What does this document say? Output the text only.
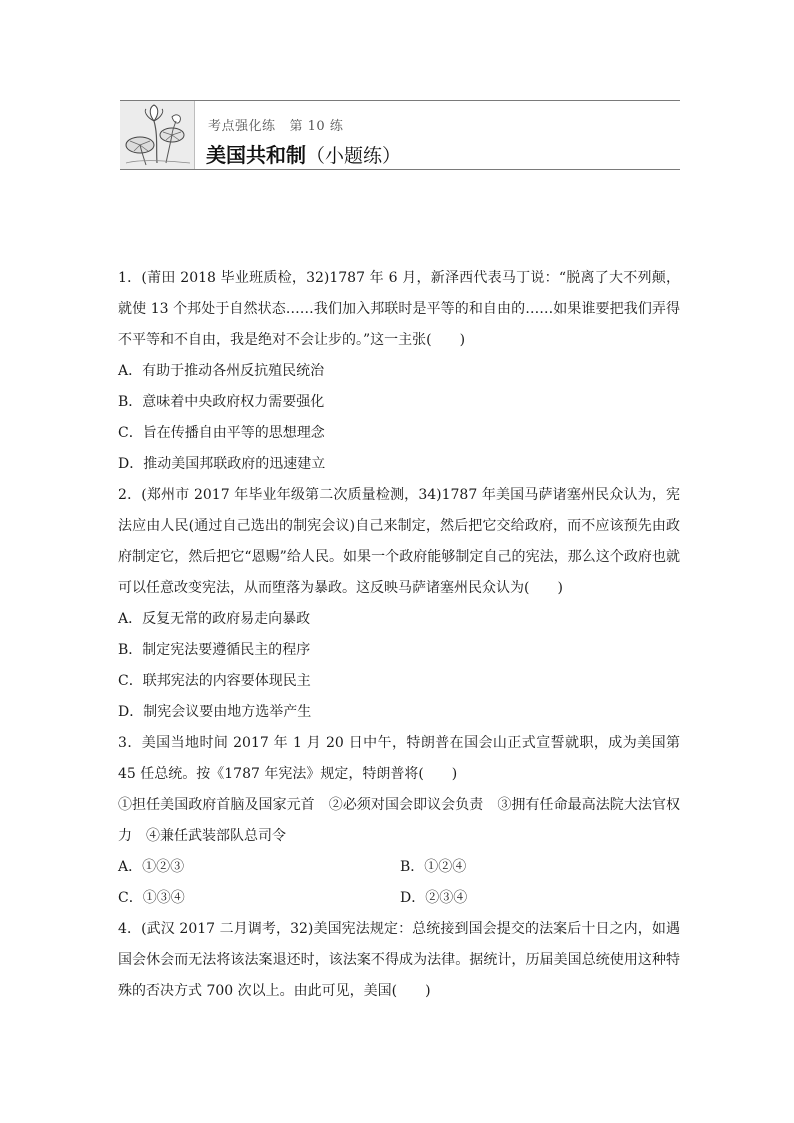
考点强化练 第 10 练
美国共和制（小题练）

1．(莆田 2018 毕业班质检，32)1787 年 6 月，新泽西代表马丁说：“脱离了大不列颠，就使 13 个邦处于自然状态……我们加入邦联时是平等的和自由的……如果谁要把我们弄得不平等和不自由，我是绝对不会让步的。”这一主张(　　)

A．有助于推动各州反抗殖民统治

B．意味着中央政府权力需要强化

C．旨在传播自由平等的思想理念

D．推动美国邦联政府的迅速建立

2．(郑州市 2017 年毕业年级第二次质量检测，34)1787 年美国马萨诸塞州民众认为，宪法应由人民(通过自己选出的制宪会议)自己来制定，然后把它交给政府，而不应该预先由政府制定它，然后把它“恩赐”给人民。如果一个政府能够制定自己的宪法，那么这个政府也就可以任意改变宪法，从而堕落为暴政。这反映马萨诸塞州民众认为(　　)

A．反复无常的政府易走向暴政

B．制定宪法要遵循民主的程序

C．联邦宪法的内容要体现民主

D．制宪会议要由地方选举产生

3．美国当地时间 2017 年 1 月 20 日中午，特朗普在国会山正式宣誓就职，成为美国第 45 任总统。按《1787 年宪法》规定，特朗普将(　　)

①担任美国政府首脑及国家元首　②必须对国会即议会负责　③拥有任命最高法院大法官权力　④兼任武装部队总司令

A．①②③	B．①②④

C．①③④	D．②③④

4．(武汉 2017 二月调考，32)美国宪法规定：总统接到国会提交的法案后十日之内，如遇国会休会而无法将该法案退还时，该法案不得成为法律。据统计，历届美国总统使用这种特殊的否决方式 700 次以上。由此可见，美国(　　)
